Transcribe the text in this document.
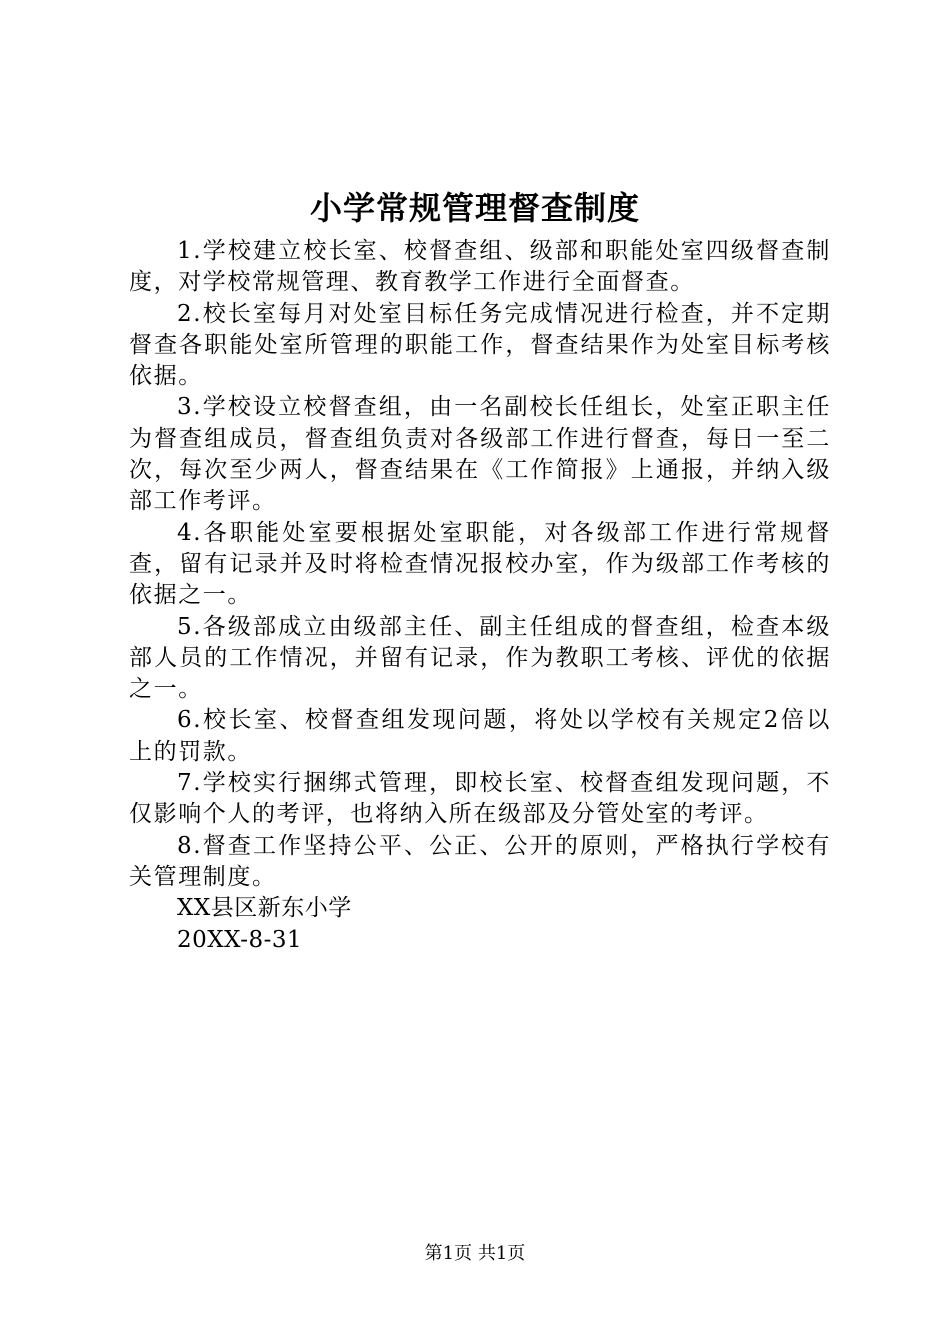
小学常规管理督查制度

1.学校建立校长室、校督查组、级部和职能处室四级督查制度，对学校常规管理、教育教学工作进行全面督查。

2.校长室每月对处室目标任务完成情况进行检查，并不定期督查各职能处室所管理的职能工作，督查结果作为处室目标考核依据。

3.学校设立校督查组，由一名副校长任组长，处室正职主任为督查组成员，督查组负责对各级部工作进行督查，每日一至二次，每次至少两人，督查结果在《工作简报》上通报，并纳入级部工作考评。

4.各职能处室要根据处室职能，对各级部工作进行常规督查，留有记录并及时将检查情况报校办室，作为级部工作考核的依据之一。

5.各级部成立由级部主任、副主任组成的督查组，检查本级部人员的工作情况，并留有记录，作为教职工考核、评优的依据之一。

6.校长室、校督查组发现问题，将处以学校有关规定2倍以上的罚款。

7.学校实行捆绑式管理，即校长室、校督查组发现问题，不仅影响个人的考评，也将纳入所在级部及分管处室的考评。

8.督查工作坚持公平、公正、公开的原则，严格执行学校有关管理制度。

XX县区新东小学

20XX-8-31

第1页 共1页
